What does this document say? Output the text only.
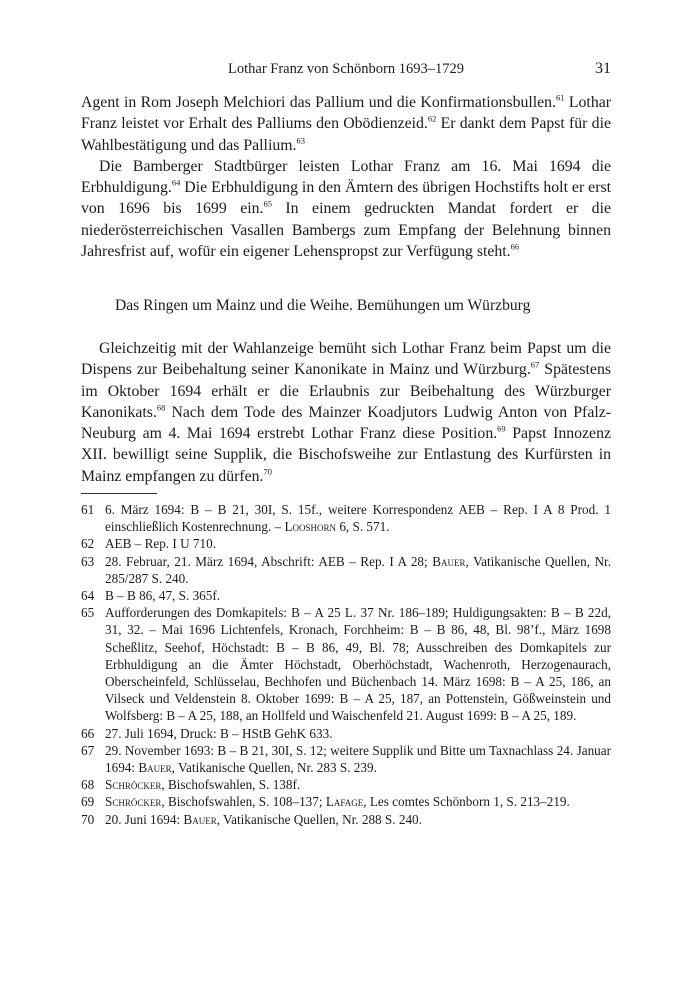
Lothar Franz von Schönborn 1693–1729	31

Agent in Rom Joseph Melchiori das Pallium und die Konfirmationsbullen.$^{61}$ Lothar Franz leistet vor Erhalt des Palliums den Obödienzeid.$^{62}$ Er dankt dem Papst für die Wahlbestätigung und das Pallium.$^{63}$

Die Bamberger Stadtbürger leisten Lothar Franz am 16. Mai 1694 die Erbhuldigung.$^{64}$ Die Erbhuldigung in den Ämtern des übrigen Hochstifts holt er erst von 1696 bis 1699 ein.$^{65}$ In einem gedruckten Mandat fordert er die niederösterreichischen Vasallen Bambergs zum Empfang der Belehnung binnen Jahresfrist auf, wofür ein eigener Lehenspropst zur Verfügung steht.$^{66}$

Das Ringen um Mainz und die Weihe. Bemühungen um Würzburg

Gleichzeitig mit der Wahlanzeige bemüht sich Lothar Franz beim Papst um die Dispens zur Beibehaltung seiner Kanonikate in Mainz und Würzburg.$^{67}$ Spätestens im Oktober 1694 erhält er die Erlaubnis zur Beibehaltung des Würzburger Kanonikats.$^{68}$ Nach dem Tode des Mainzer Koadjutors Ludwig Anton von Pfalz-Neuburg am 4. Mai 1694 erstrebt Lothar Franz diese Position.$^{69}$ Papst Innozenz XII. bewilligt seine Supplik, die Bischofsweihe zur Entlastung des Kurfürsten in Mainz empfangen zu dürfen.$^{70}$

61 6. März 1694: B – B 21, 30I, S. 15f., weitere Korrespondenz AEB – Rep. I A 8 Prod. 1 einschließlich Kostenrechnung. – Looshorn 6, S. 571.
62 AEB – Rep. I U 710.
63 28. Februar, 21. März 1694, Abschrift: AEB – Rep. I A 28; Bauer, Vatikanische Quellen, Nr. 285/287 S. 240.
64 B – B 86, 47, S. 365f.
65 Aufforderungen des Domkapitels: B – A 25 L. 37 Nr. 186–189; Huldigungsakten: B – B 22d, 31, 32. – Mai 1696 Lichtenfels, Kronach, Forchheim: B – B 86, 48, Bl. 98’f., März 1698 Scheßlitz, Seehof, Höchstadt: B – B 86, 49, Bl. 78; Ausschreiben des Domkapitels zur Erbhuldigung an die Ämter Höchstadt, Oberhöchstadt, Wachenroth, Herzogenaurach, Oberscheinfeld, Schlüsselau, Bechhofen und Büchenbach 14. März 1698: B – A 25, 186, an Vilseck und Veldenstein 8. Oktober 1699: B – A 25, 187, an Pottenstein, Gößweinstein und Wolfsberg: B – A 25, 188, an Hollfeld und Waischenfeld 21. August 1699: B – A 25, 189.
66 27. Juli 1694, Druck: B – HStB GehK 633.
67 29. November 1693: B – B 21, 30I, S. 12; weitere Supplik und Bitte um Taxnachlass 24. Januar 1694: Bauer, Vatikanische Quellen, Nr. 283 S. 239.
68 Schröcker, Bischofswahlen, S. 138f.
69 Schröcker, Bischofswahlen, S. 108–137; Lafage, Les comtes Schönborn 1, S. 213–219.
70 20. Juni 1694: Bauer, Vatikanische Quellen, Nr. 288 S. 240.
